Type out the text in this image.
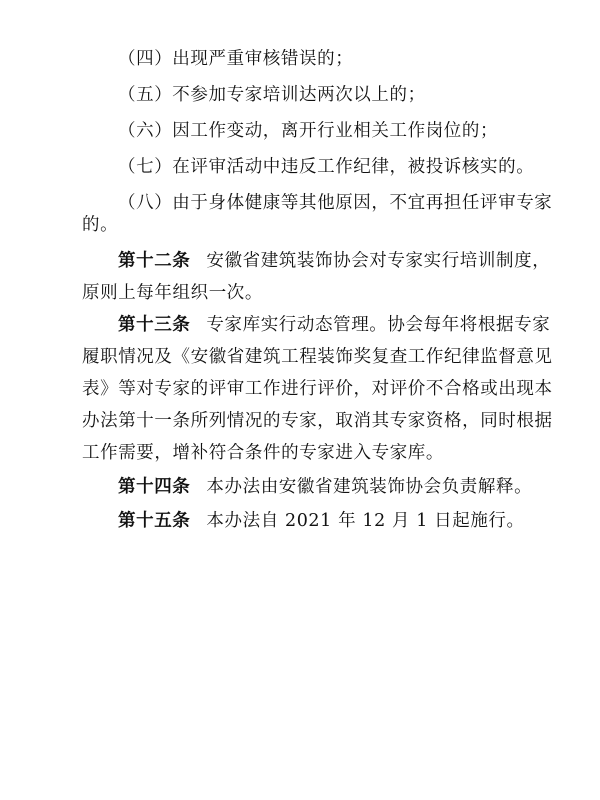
（四）出现严重审核错误的；
（五）不参加专家培训达两次以上的；
（六）因工作变动，离开行业相关工作岗位的；
（七）在评审活动中违反工作纪律，被投诉核实的。
（八）由于身体健康等其他原因，不宜再担任评审专家
的。
第十二条 安徽省建筑装饰协会对专家实行培训制度，
原则上每年组织一次。
第十三条 专家库实行动态管理。协会每年将根据专家
履职情况及《安徽省建筑工程装饰奖复查工作纪律监督意见
表》等对专家的评审工作进行评价，对评价不合格或出现本
办法第十一条所列情况的专家，取消其专家资格，同时根据
工作需要，增补符合条件的专家进入专家库。
第十四条 本办法由安徽省建筑装饰协会负责解释。
第十五条 本办法自 2021 年 12 月 1 日起施行。
